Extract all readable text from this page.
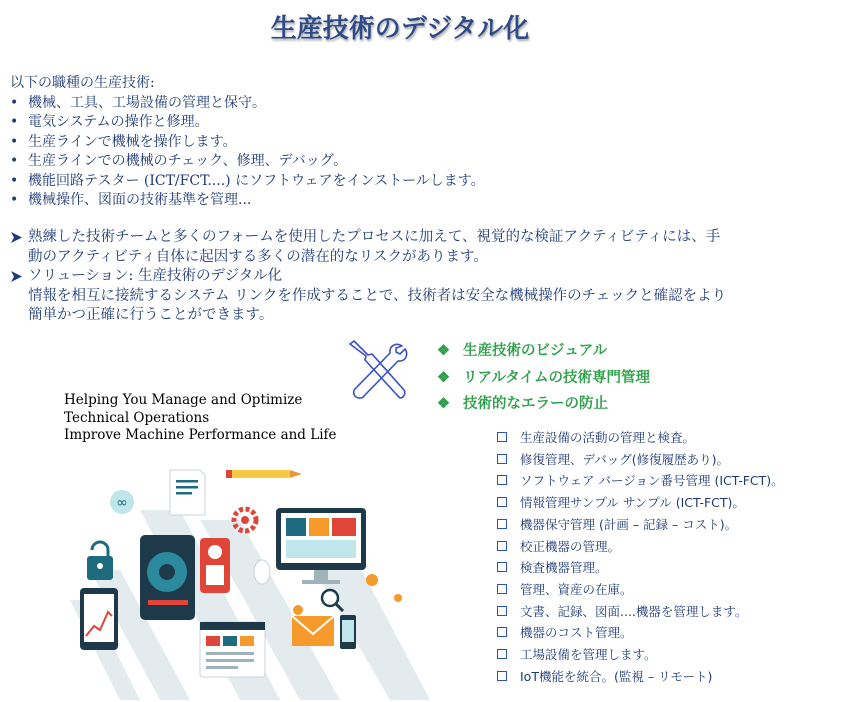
生産技術のデジタル化
以下の職種の生産技術:
• 機械、工具、工場設備の管理と保守。
• 電気システムの操作と修理。
• 生産ラインで機械を操作します。
• 生産ラインでの機械のチェック、修理、デバッグ。
• 機能回路テスター (ICT/FCT....) にソフトウェアをインストールします。
• 機械操作、図面の技術基準を管理...
熟練した技術チームと多くのフォームを使用したプロセスに加えて、視覚的な検証アクティビティには、手
動のアクティビティ自体に起因する多くの潜在的なリスクがあります。
ソリューション: 生産技術のデジタル化
情報を相互に接続するシステム リンクを作成することで、技術者は安全な機械操作のチェックと確認をより
簡単かつ正確に行うことができます。
❖ 生産技術のビジュアル
❖ リアルタイムの技術専門管理
❖ 技術的なエラーの防止
Helping You Manage and Optimize
Technical Operations
Improve Machine Performance and Life	生産設備の活動の管理と検査。
修復管理、デバッグ(修復履歴あり)。
ソフトウェア バージョン番号管理 (ICT-FCT)。
情報管理サンプル サンプル (ICT-FCT)。
機器保守管理 (計画 – 記録 – コスト)。
校正機器の管理。
検査機器管理。
管理、資産の在庫。
文書、記録、図面....機器を管理します。
機器のコスト管理。
工場設備を管理します。
IoT機能を統合。(監視 – リモート)
∞
